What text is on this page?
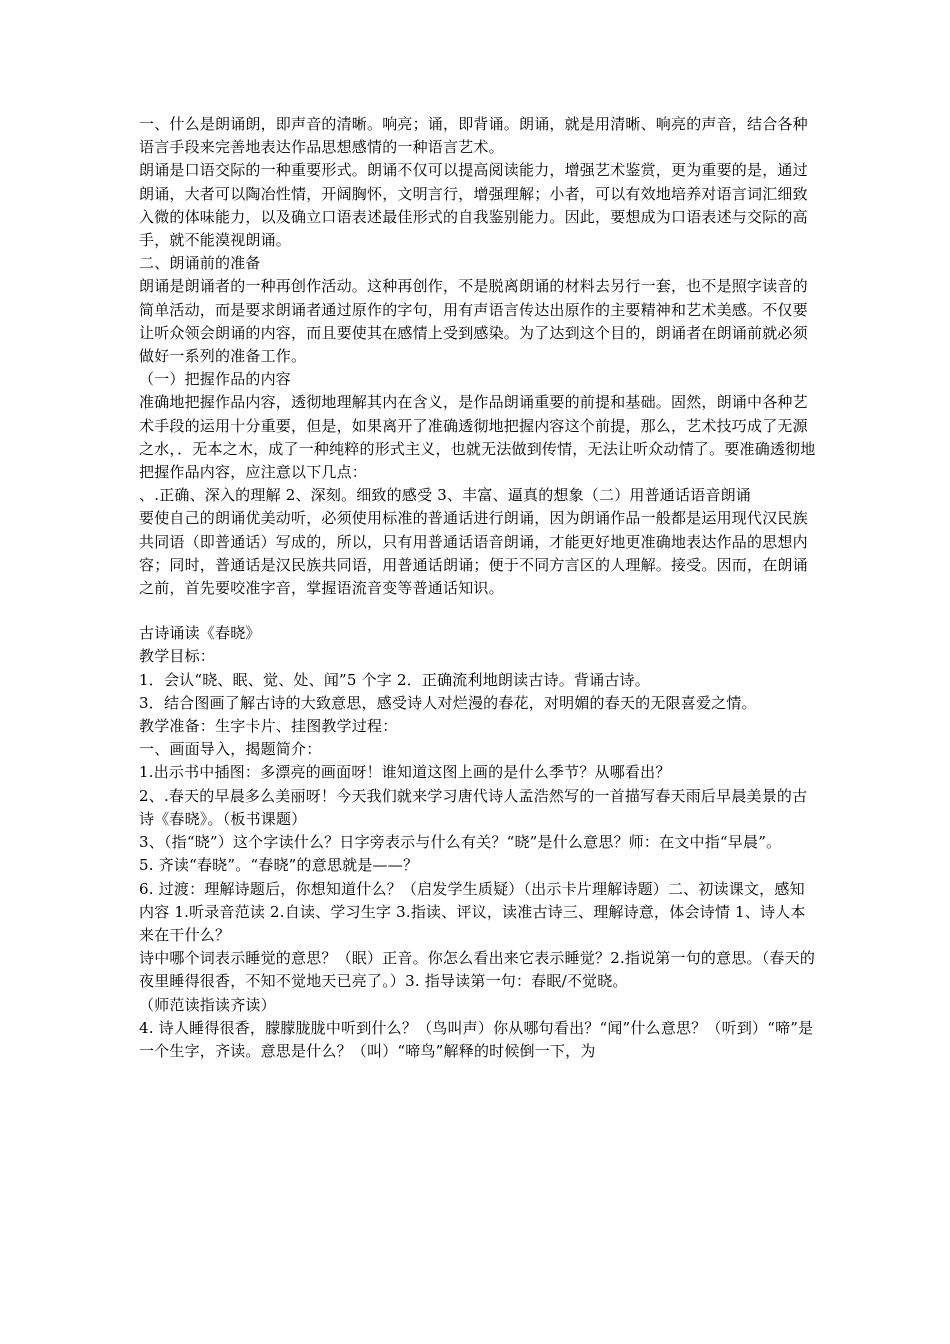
一、什么是朗诵朗，即声音的清晰。响亮；诵，即背诵。朗诵，就是用清晰、响亮的声音，结合各种语言手段来完善地表达作品思想感情的一种语言艺术。

朗诵是口语交际的一种重要形式。朗诵不仅可以提高阅读能力，增强艺术鉴赏，更为重要的是，通过朗诵，大者可以陶冶性情，开阔胸怀，文明言行，增强理解；小者，可以有效地培养对语言词汇细致入微的体味能力，以及确立口语表述最佳形式的自我鉴别能力。因此，要想成为口语表述与交际的高手，就不能漠视朗诵。

二、朗诵前的准备

朗诵是朗诵者的一种再创作活动。这种再创作，不是脱离朗诵的材料去另行一套，也不是照字读音的简单活动，而是要求朗诵者通过原作的字句，用有声语言传达出原作的主要精神和艺术美感。不仅要让听众领会朗诵的内容，而且要使其在感情上受到感染。为了达到这个目的，朗诵者在朗诵前就必须做好一系列的准备工作。

（一）把握作品的内容

准确地把握作品内容，透彻地理解其内在含义，是作品朗诵重要的前提和基础。固然，朗诵中各种艺术手段的运用十分重要，但是，如果离开了准确透彻地把握内容这个前提，那么，艺术技巧成了无源之水，．无本之木，成了一种纯粹的形式主义，也就无法做到传情，无法让听众动情了。要准确透彻地把握作品内容，应注意以下几点：

、.正确、深入的理解 2、深刻。细致的感受 3、丰富、逼真的想象（二）用普通话语音朗诵

要使自己的朗诵优美动听，必须使用标准的普通话进行朗诵，因为朗诵作品一般都是运用现代汉民族共同语（即普通话）写成的，所以，只有用普通话语音朗诵，才能更好地更准确地表达作品的思想内容；同时，普通话是汉民族共同语，用普通话朗诵；便于不同方言区的人理解。接受。因而，在朗诵之前，首先要咬准字音，掌握语流音变等普通话知识。

古诗诵读《春晓》

教学目标：

1．会认“晓、眠、觉、处、闻”5 个字 2．正确流利地朗读古诗。背诵古诗。

3．结合图画了解古诗的大致意思，感受诗人对烂漫的春花，对明媚的春天的无限喜爱之情。

教学准备：生字卡片、挂图教学过程：

一、画面导入，揭题简介：

1.出示书中插图：多漂亮的画面呀！谁知道这图上画的是什么季节？从哪看出？

2、.春天的早晨多么美丽呀！今天我们就来学习唐代诗人孟浩然写的一首描写春天雨后早晨美景的古诗《春晓》。（板书课题）

3、（指“晓”）这个字读什么？日字旁表示与什么有关？“晓”是什么意思？师：在文中指“早晨”。

5. 齐读“春晓”。“春晓”的意思就是——？

6. 过渡：理解诗题后，你想知道什么？（启发学生质疑）（出示卡片理解诗题）二、初读课文，感知内容 1.听录音范读 2.自读、学习生字 3.指读、评议，读准古诗三、理解诗意，体会诗情 1、诗人本来在干什么？

诗中哪个词表示睡觉的意思？（眠）正音。你怎么看出来它表示睡觉？2.指说第一句的意思。（春天的夜里睡得很香，不知不觉地天已亮了。）3. 指导读第一句：春眠/不觉晓。

（师范读指读齐读）

4. 诗人睡得很香，朦朦胧胧中听到什么？（鸟叫声）你从哪句看出？“闻”什么意思？（听到）“啼”是一个生字，齐读。意思是什么？（叫）“啼鸟”解释的时候倒一下，为
